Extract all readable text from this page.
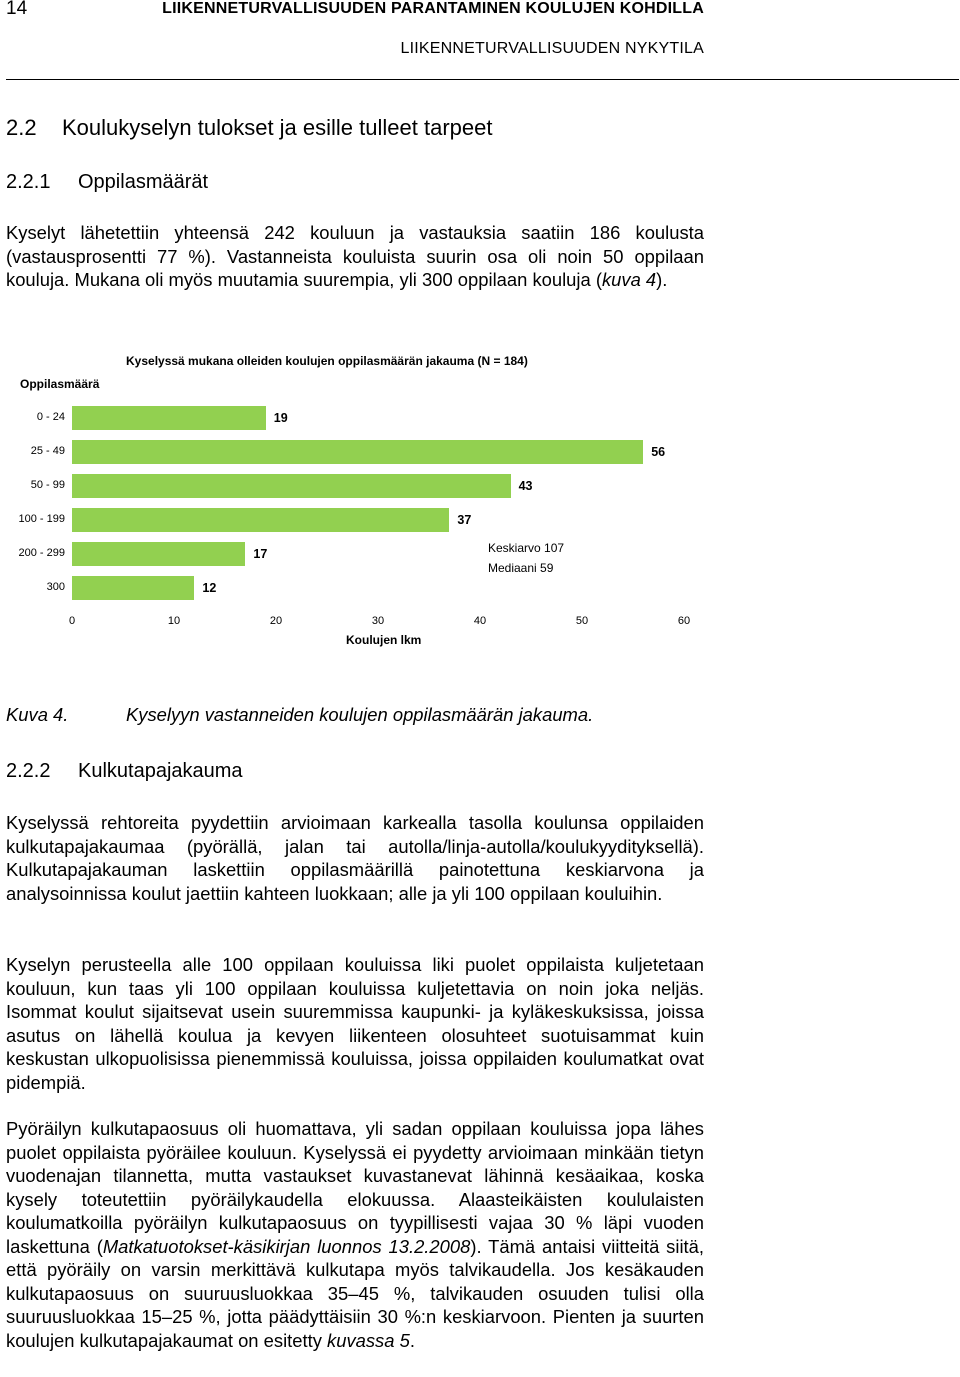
14	LIIKENNETURVALLISUUDEN PARANTAMINEN KOULUJEN KOHDILLA
LIIKENNETURVALLISUUDEN NYKYTILA
2.2 Koulukyselyn tulokset ja esille tulleet tarpeet
2.2.1 Oppilasmäärät
Kyselyt lähetettiin yhteensä 242 kouluun ja vastauksia saatiin 186 koulusta (vastausprosentti 77 %). Vastanneista kouluista suurin osa oli noin 50 oppilaan kouluja. Mukana oli myös muutamia suurempia, yli 300 oppilaan kouluja (kuva 4).
Kyselyssä mukana olleiden koulujen oppilasmäärän jakauma (N = 184)
Oppilasmäärä
Koulujen lkm
Keskiarvo 107
Mediaani 59
0 - 24	19
25 - 49	56
50 - 99	43
100 - 199	37
200 - 299	17
300	12
0	10	20	30	40	50	60
Kuva 4.	Kyselyyn vastanneiden koulujen oppilasmäärän jakauma.
2.2.2 Kulkutapajakauma
Kyselyssä rehtoreita pyydettiin arvioimaan karkealla tasolla koulunsa oppilaiden kulkutapajakaumaa (pyörällä, jalan tai autolla/linja-autolla/koulukyydityksellä). Kulkutapajakauman laskettiin oppilasmäärillä painotettuna keskiarvona ja analysoinnissa koulut jaettiin kahteen luokkaan; alle ja yli 100 oppilaan kouluihin.
Kyselyn perusteella alle 100 oppilaan kouluissa liki puolet oppilaista kuljetetaan kouluun, kun taas yli 100 oppilaan kouluissa kuljetettavia on noin joka neljäs. Isommat koulut sijaitsevat usein suuremmissa kaupunki- ja kyläkeskuksissa, joissa asutus on lähellä koulua ja kevyen liikenteen olosuhteet suotuisammat kuin keskustan ulkopuolisissa pienemmissä kouluissa, joissa oppilaiden koulumatkat ovat pidempiä.
Pyöräilyn kulkutapaosuus oli huomattava, yli sadan oppilaan kouluissa jopa lähes puolet oppilaista pyöräilee kouluun. Kyselyssä ei pyydetty arvioimaan minkään tietyn vuodenajan tilannetta, mutta vastaukset kuvastanevat lähinnä kesäaikaa, koska kysely toteutettiin pyöräilykaudella elokuussa. Alaasteikäisten koululaisten koulumatkoilla pyöräilyn kulkutapaosuus on tyypillisesti vajaa 30 % läpi vuoden laskettuna (Matkatuotokset-käsikirjan luonnos 13.2.2008). Tämä antaisi viitteitä siitä, että pyöräily on varsin merkittävä kulkutapa myös talvikaudella. Jos kesäkauden kulkutapaosuus on suuruusluokkaa 35–45 %, talvikauden osuuden tulisi olla suuruusluokkaa 15–25 %, jotta päädyttäisiin 30 %:n keskiarvoon. Pienten ja suurten koulujen kulkutapajakaumat on esitetty kuvassa 5.
